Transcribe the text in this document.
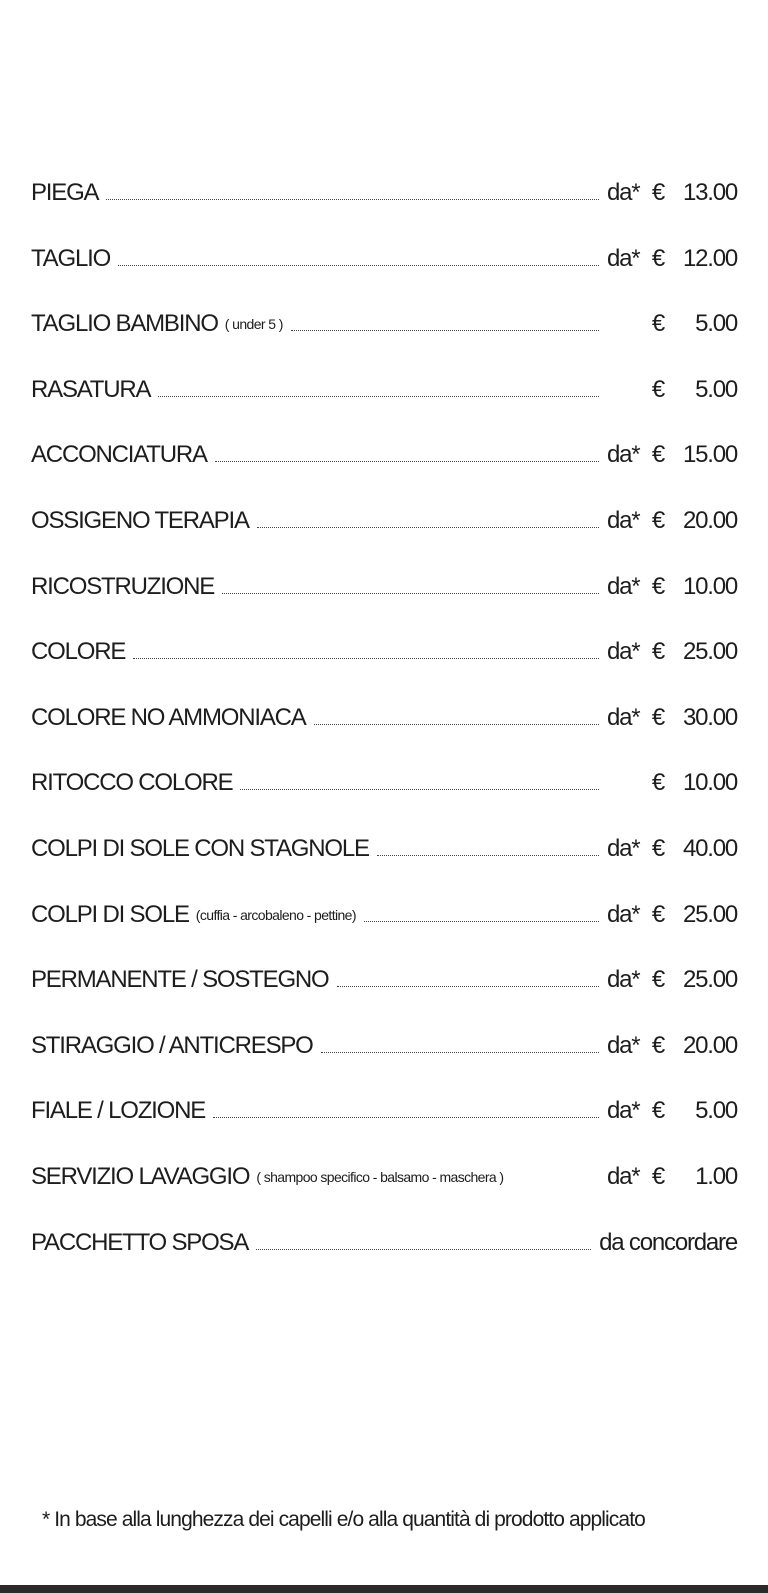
PIEGA	da* € 13.00
TAGLIO	da* € 12.00
TAGLIO BAMBINO ( under 5 )	€	5.00
RASATURA	€	5.00
ACCONCIATURA	da* € 15.00
OSSIGENO TERAPIA	da* € 20.00
RICOSTRUZIONE	da* € 10.00
COLORE	da* € 25.00
COLORE NO AMMONIACA	da* € 30.00
RITOCCO COLORE	€ 10.00
COLPI DI SOLE CON STAGNOLE	da* € 40.00
COLPI DI SOLE (cuffia - arcobaleno - pettine)	da* € 25.00
PERMANENTE / SOSTEGNO	da* € 25.00
STIRAGGIO / ANTICRESPO	da* € 20.00
FIALE / LOZIONE	da* €	5.00
SERVIZIO LAVAGGIO ( shampoo specifico - balsamo - maschera )	da* €	1.00
PACCHETTO SPOSA	da concordare
* In base alla lunghezza dei capelli e/o alla quantità di prodotto applicato
